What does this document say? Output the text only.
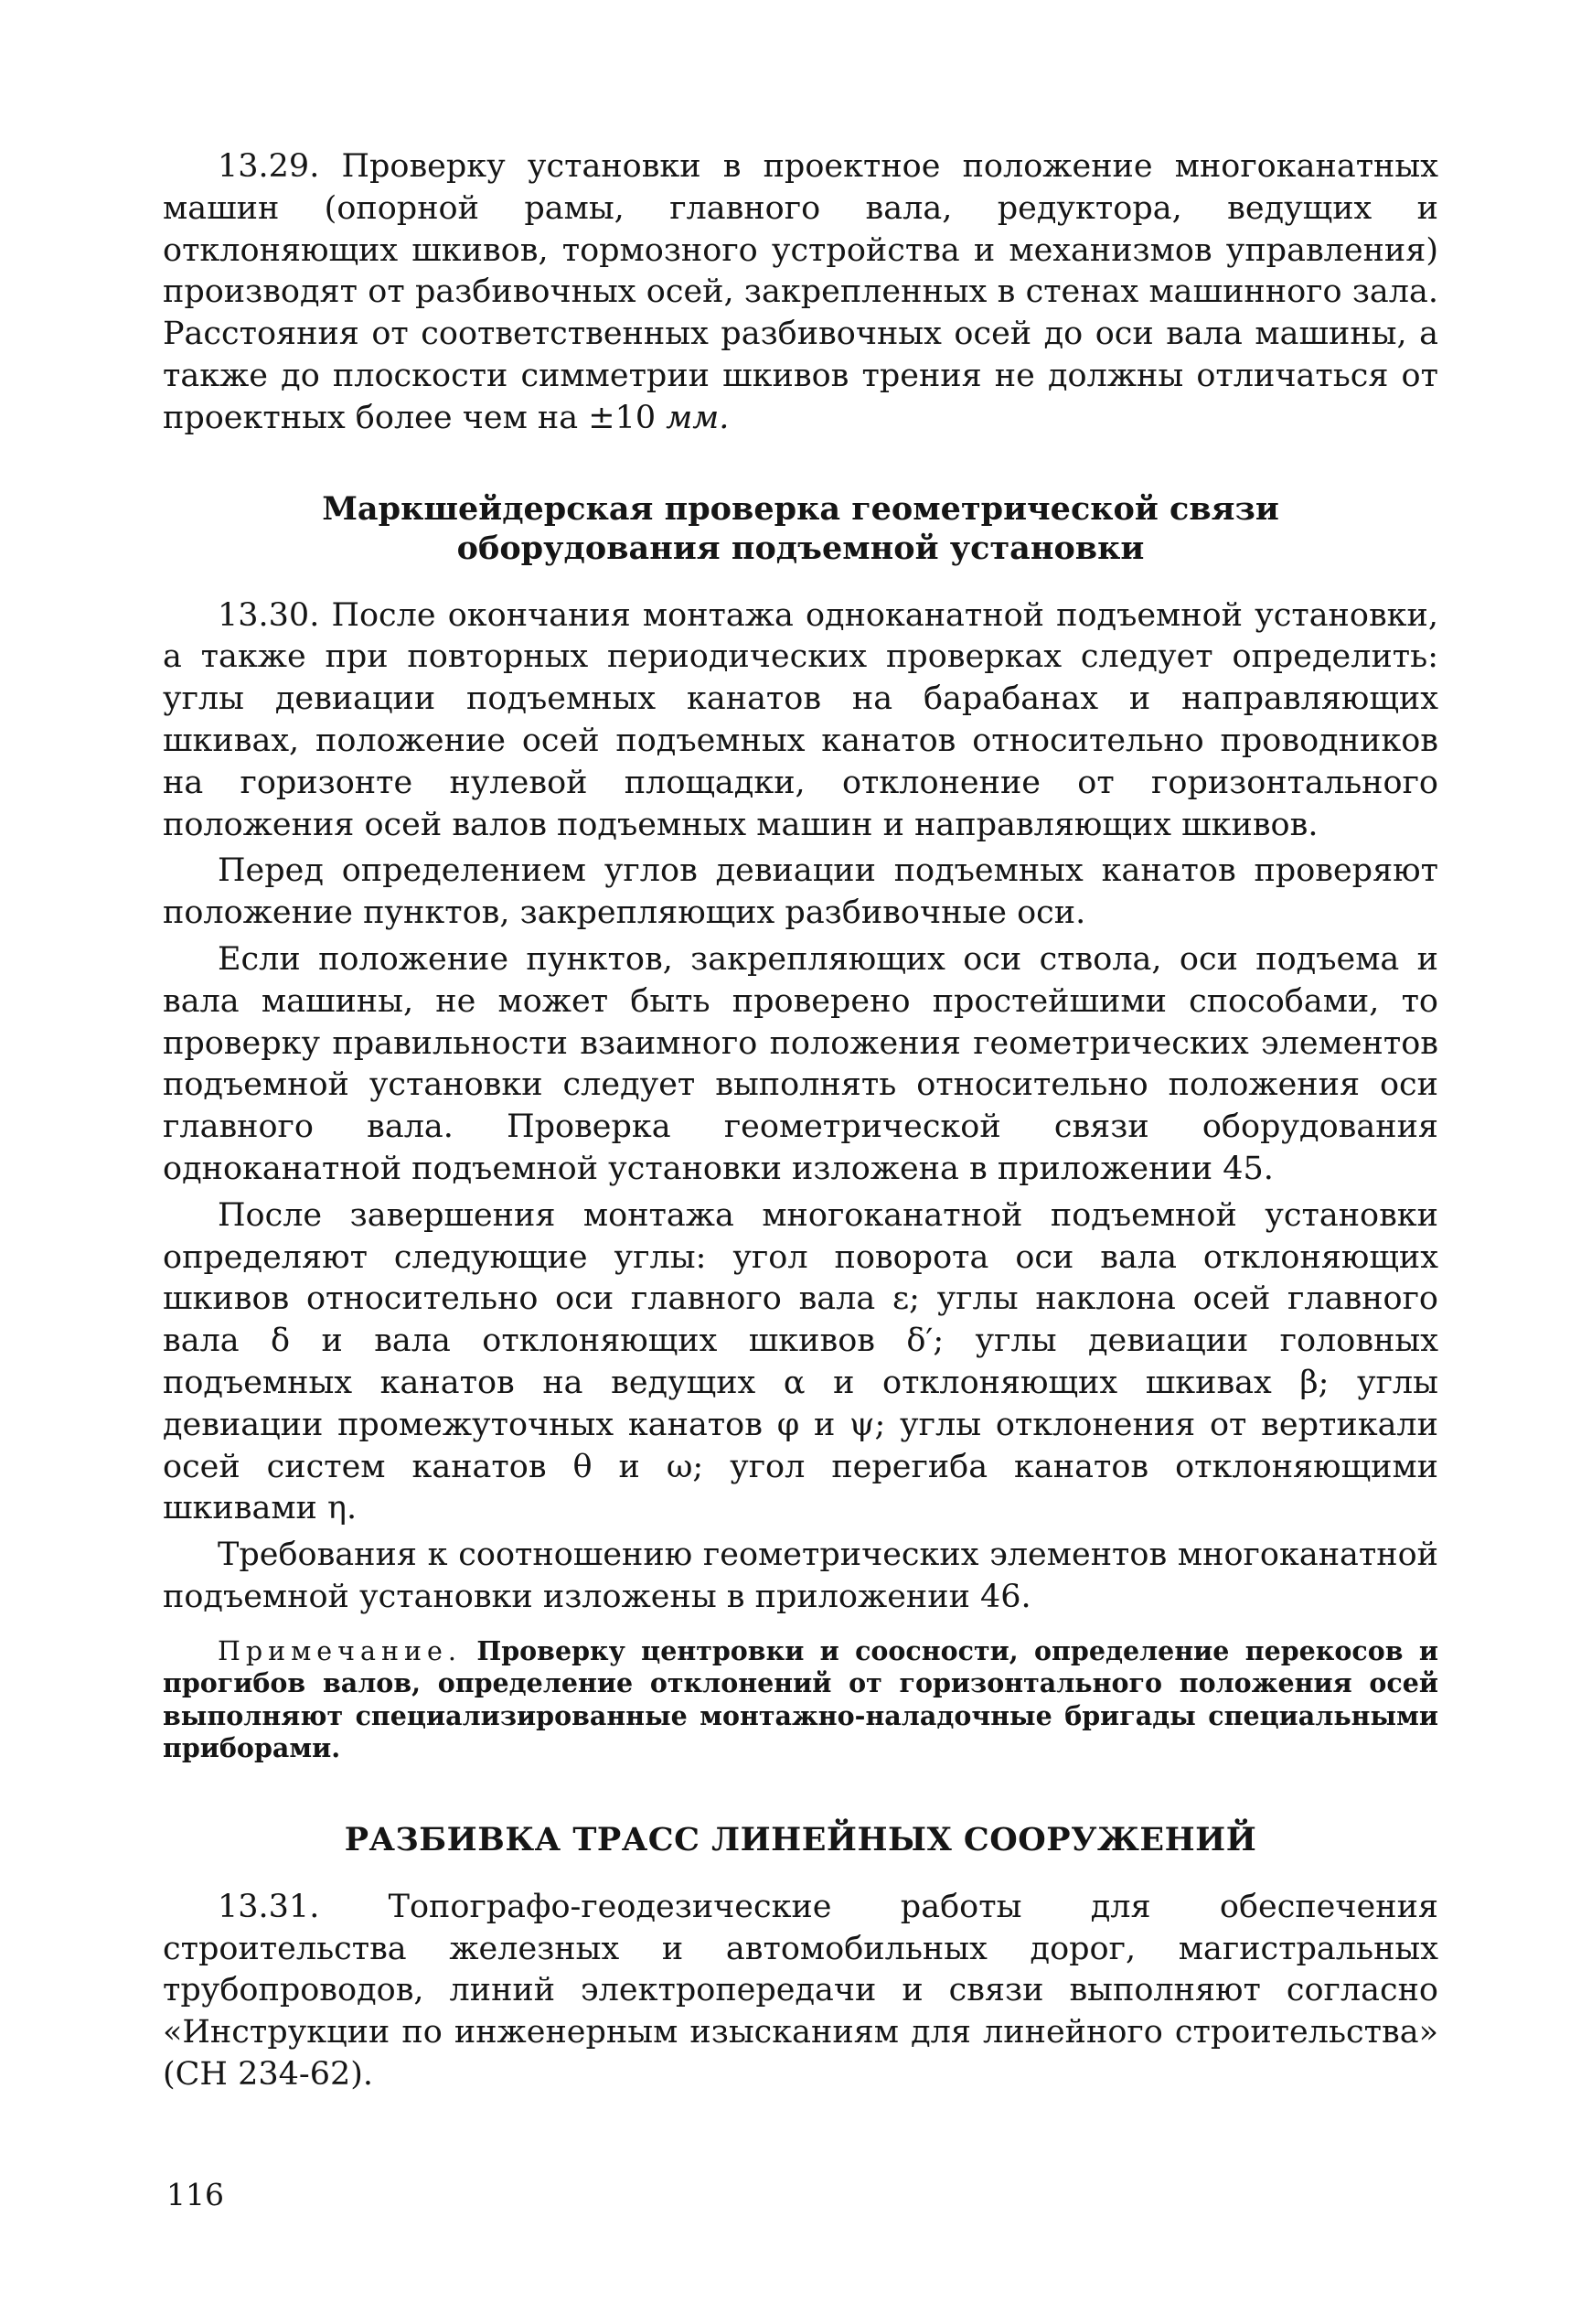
13.29. Проверку установки в проектное положение многоканатных машин (опорной рамы, главного вала, редуктора, ведущих и отклоняющих шкивов, тормозного устройства и механизмов управления) производят от разбивочных осей, закрепленных в стенах машинного зала. Расстояния от соответственных разбивочных осей до оси вала машины, а также до плоскости симметрии шкивов трения не должны отличаться от проектных более чем на ±10 мм.

Маркшейдерская проверка геометрической связи
оборудования подъемной установки

13.30. После окончания монтажа одноканатной подъемной установки, а также при повторных периодических проверках следует определить: углы девиации подъемных канатов на барабанах и направляющих шкивах, положение осей подъемных канатов относительно проводников на горизонте нулевой площадки, отклонение от горизонтального положения осей валов подъемных машин и направляющих шкивов.

Перед определением углов девиации подъемных канатов проверяют положение пунктов, закрепляющих разбивочные оси.

Если положение пунктов, закрепляющих оси ствола, оси подъема и вала машины, не может быть проверено простейшими способами, то проверку правильности взаимного положения геометрических элементов подъемной установки следует выполнять относительно положения оси главного вала. Проверка геометрической связи оборудования одноканатной подъемной установки изложена в приложении 45.

После завершения монтажа многоканатной подъемной установки определяют следующие углы: угол поворота оси вала отклоняющих шкивов относительно оси главного вала ε; углы наклона осей главного вала δ и вала отклоняющих шкивов δ′; углы девиации головных подъемных канатов на ведущих α и отклоняющих шкивах β; углы девиации промежуточных канатов φ и ψ; углы отклонения от вертикали осей систем канатов θ и ω; угол перегиба канатов отклоняющими шкивами η.

Требования к соотношению геометрических элементов многоканатной подъемной установки изложены в приложении 46.

Примечание. Проверку центровки и соосности, определение перекосов и прогибов валов, определение отклонений от горизонтального положения осей выполняют специализированные монтажно-наладочные бригады специальными приборами.

РАЗБИВКА ТРАСС ЛИНЕЙНЫХ СООРУЖЕНИЙ

13.31. Топографо-геодезические работы для обеспечения строительства железных и автомобильных дорог, магистральных трубопроводов, линий электропередачи и связи выполняют согласно «Инструкции по инженерным изысканиям для линейного строительства» (СН 234-62).

116
